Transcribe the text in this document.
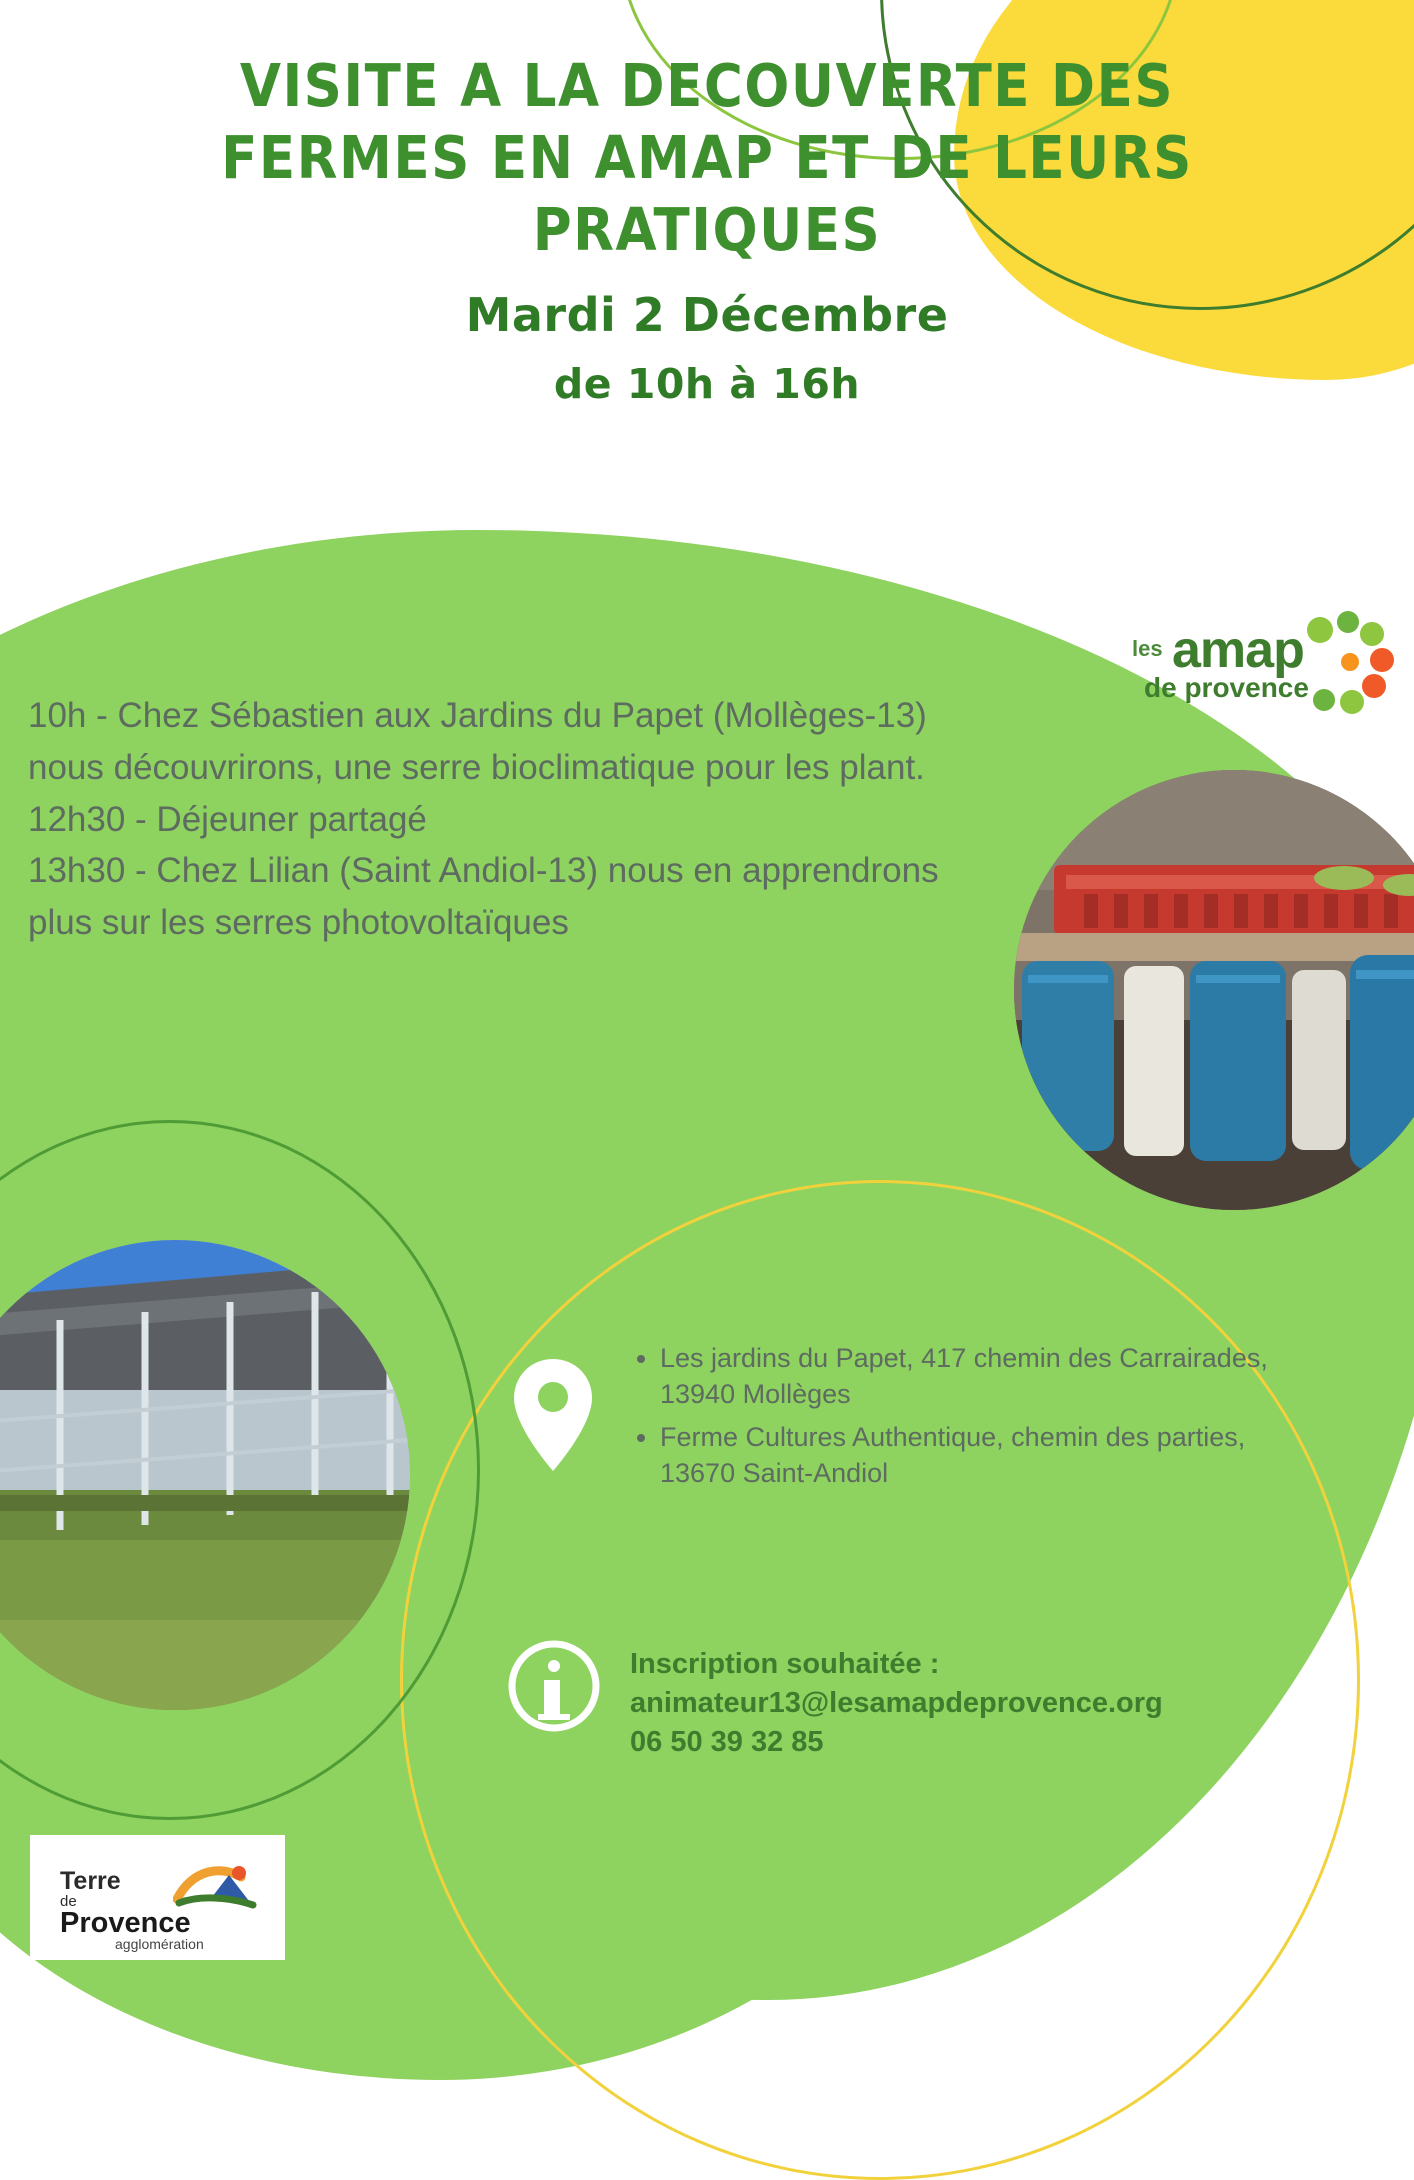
VISITE A LA DECOUVERTE DES FERMES EN AMAP ET DE LEURS PRATIQUES
Mardi 2 Décembre
de 10h à 16h
10h - Chez Sébastien aux Jardins du Papet (Mollèges-13) nous découvrirons, une serre bioclimatique pour les plant.
12h30 - Déjeuner partagé
13h30 - Chez Lilian (Saint Andiol-13) nous en apprendrons plus sur les serres photovoltaïques
les amap
de provence
• Les jardins du Papet, 417 chemin des Carrairades, 13940 Mollèges
• Ferme Cultures Authentique, chemin des parties, 13670 Saint-Andiol
Inscription souhaitée :
animateur13@lesamapdeprovence.org
06 50 39 32 85
Terre
de
Provence
agglomération
